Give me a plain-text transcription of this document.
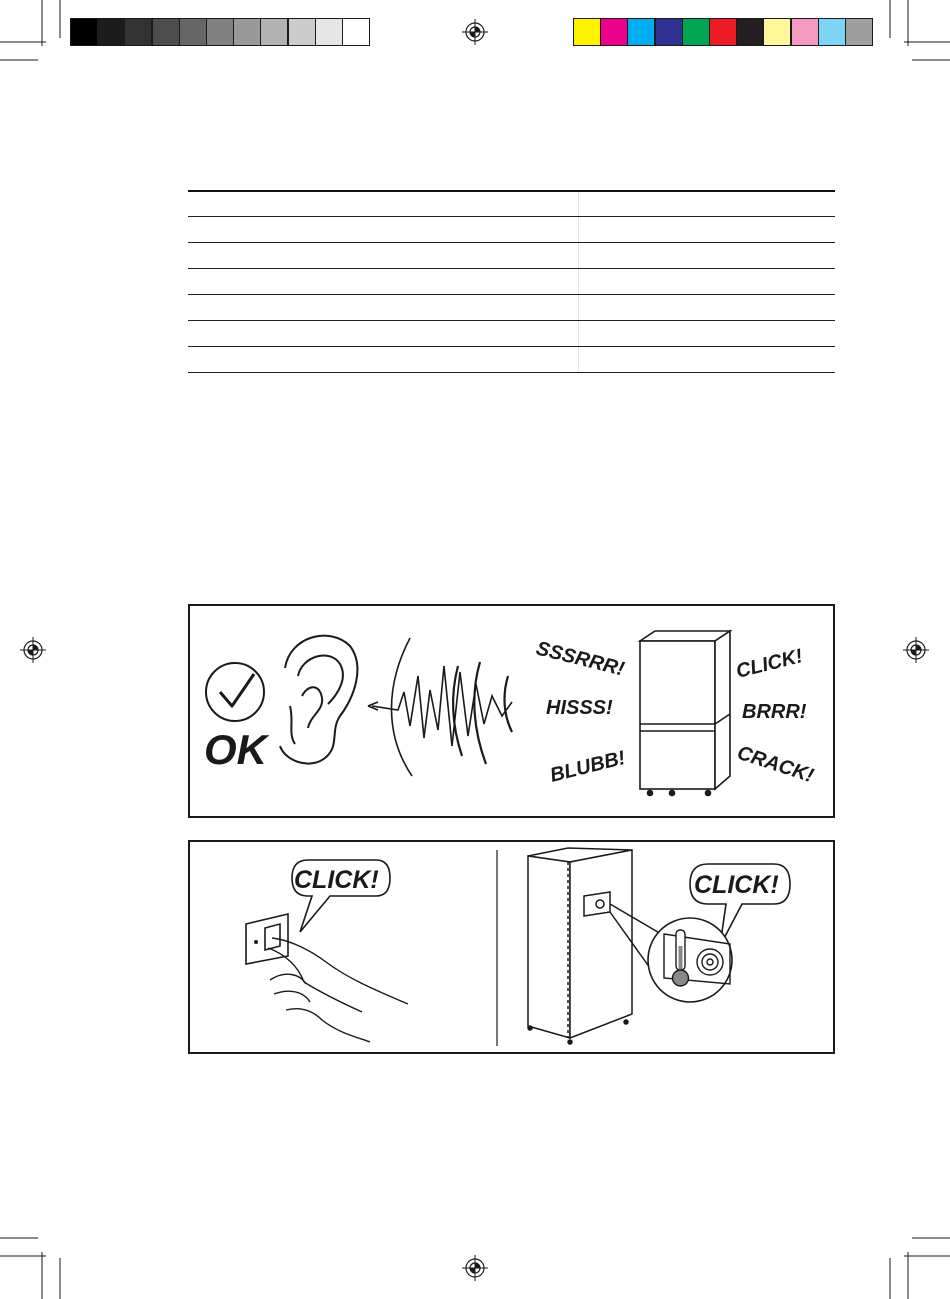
OK
SSSRRR!
HISSS!
BLUBB!
CLICK!
BRRR!
CRACK!
CLICK!	CLICK!
